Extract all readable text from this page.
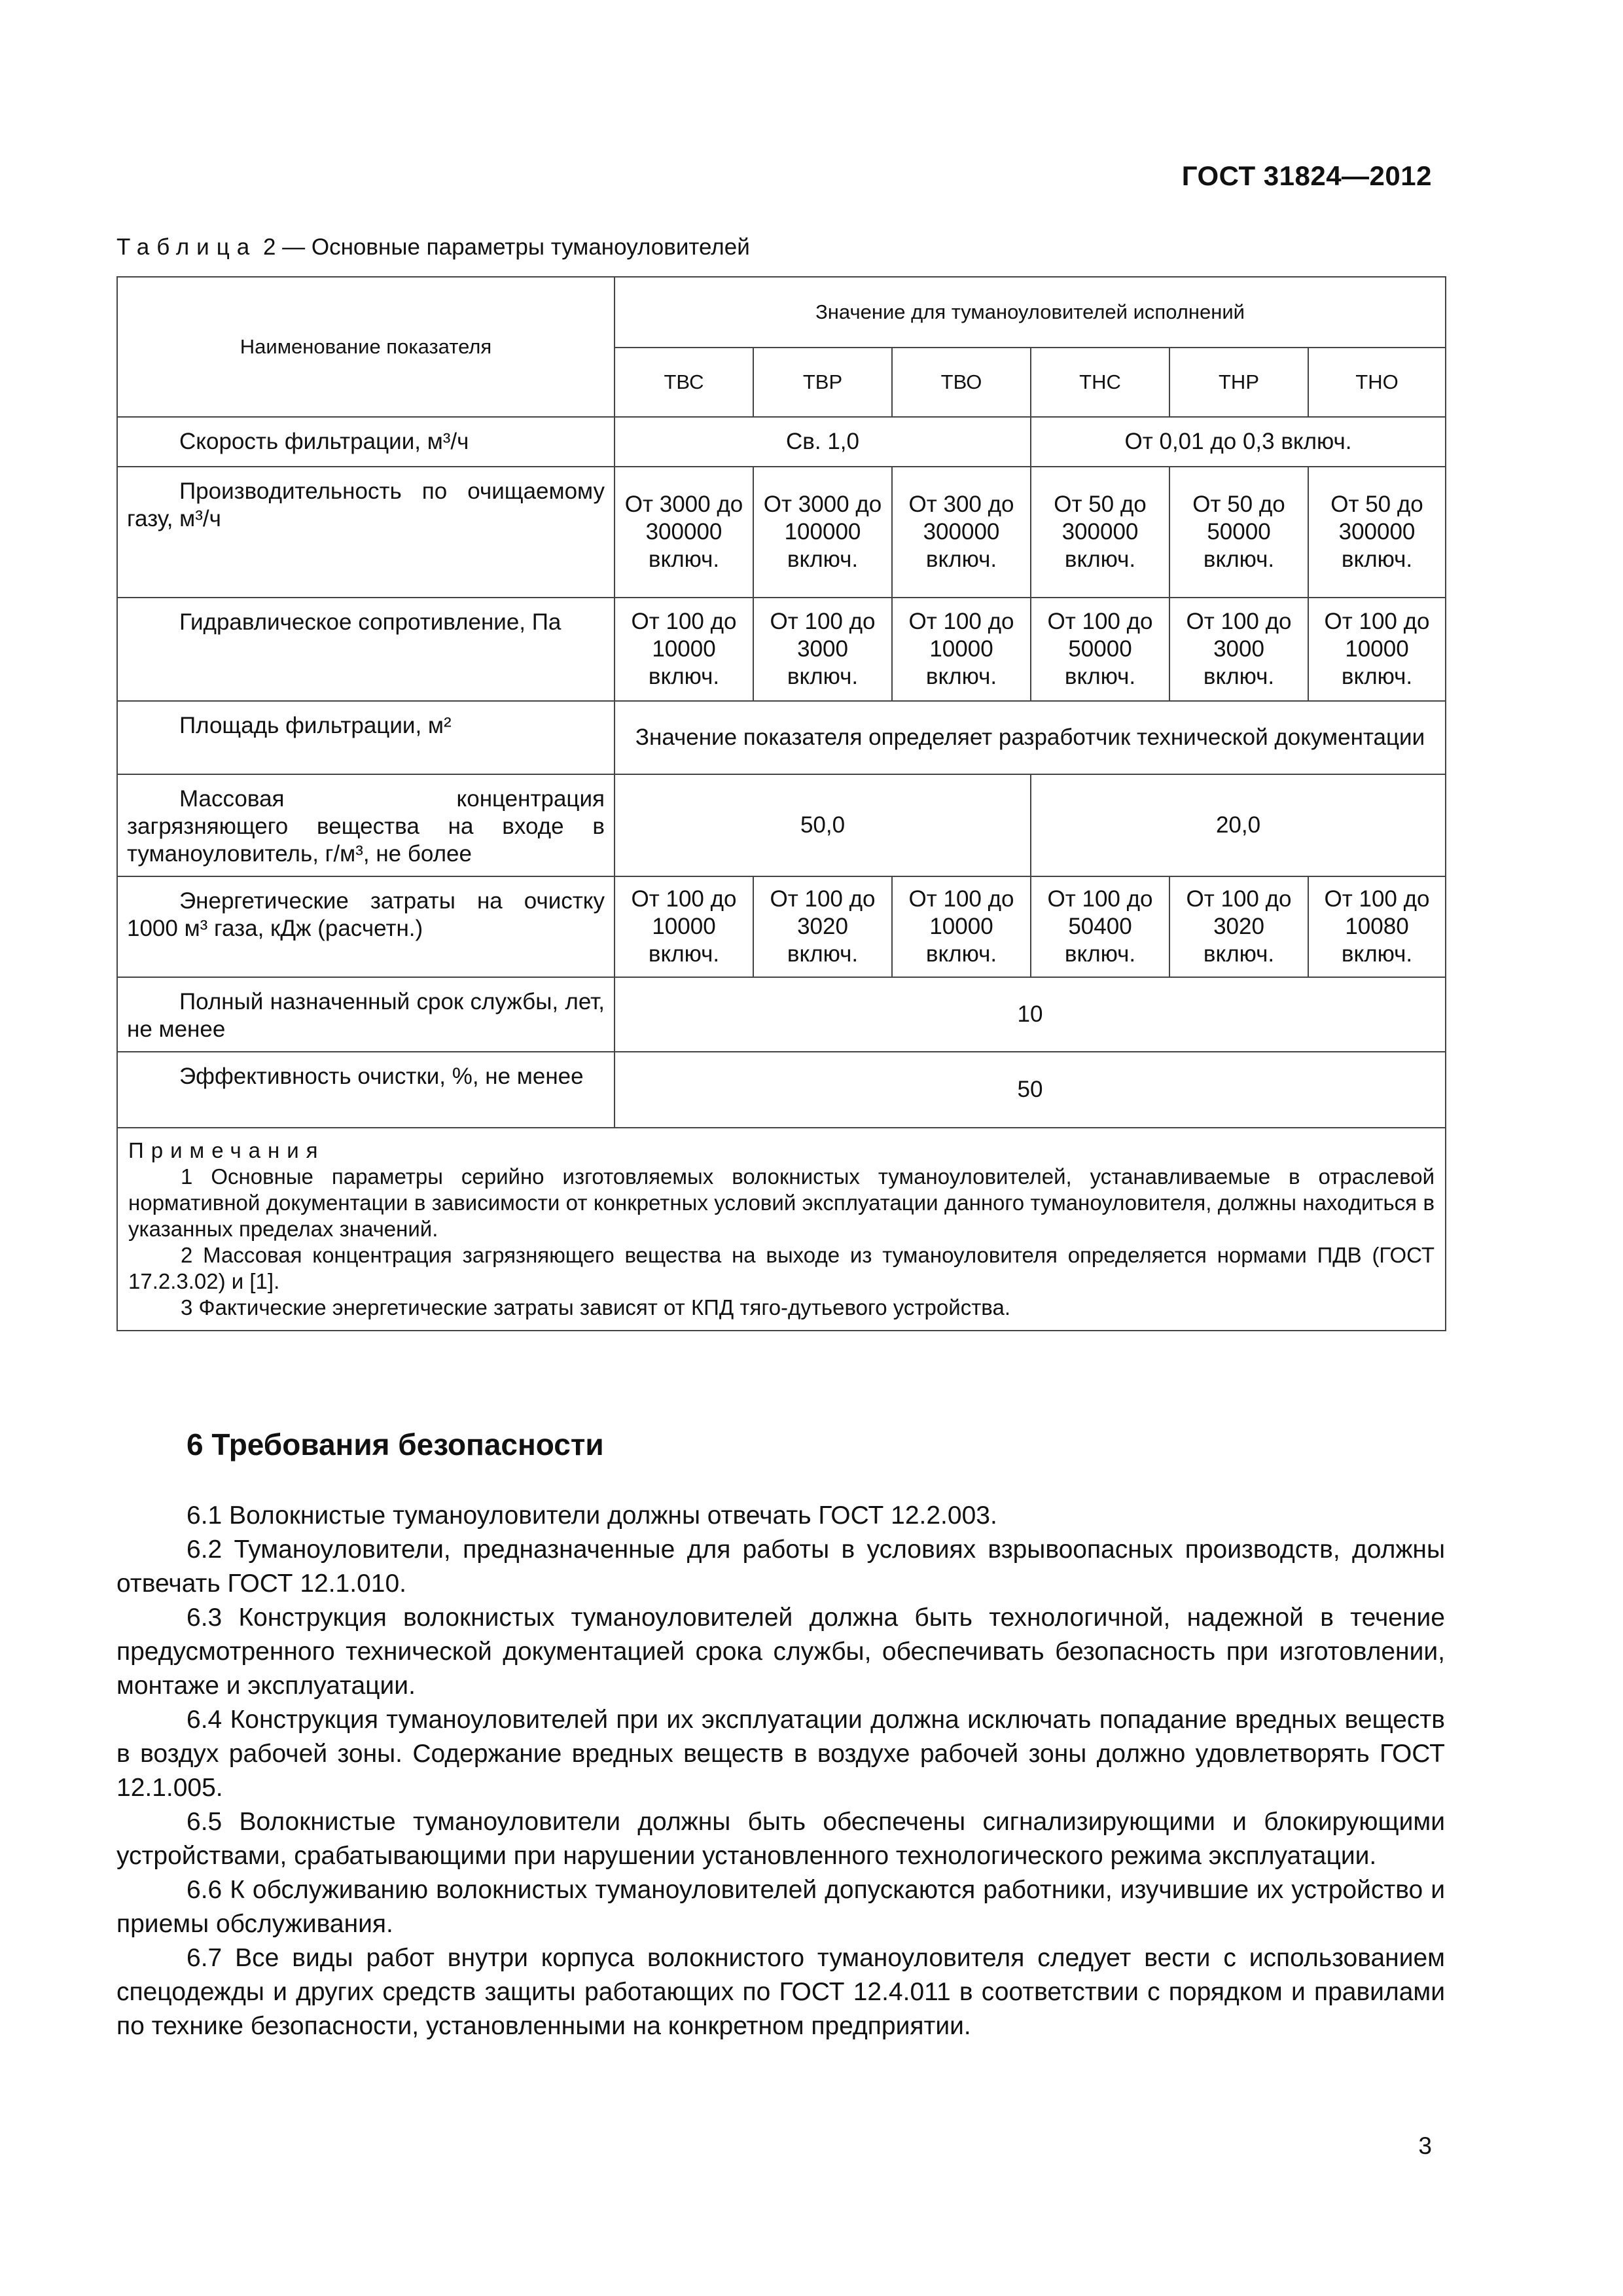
ГОСТ 31824—2012
Таблица 2 — Основные параметры туманоуловителей
Наименование показателя	Значение для туманоуловителей исполнений					
	ТВС	ТВР	ТВО	ТНС	ТНР	ТНО
Скорость фильтрации, м³/ч	Св. 1,0			От 0,01 до 0,3 включ.		
Производительность по очищаемому газу, м³/ч	От 3000 до 300000 включ.	От 3000 до 100000 включ.	От 300 до 300000 включ.	От 50 до 300000 включ.	От 50 до 50000 включ.	От 50 до 300000 включ.
Гидравлическое сопротивление, Па	От 100 до 10000 включ.	От 100 до 3000 включ.	От 100 до 10000 включ.	От 100 до 50000 включ.	От 100 до 3000 включ.	От 100 до 10000 включ.
Площадь фильтрации, м²	Значение показателя определяет разработчик технической документации					
Массовая концентрация загрязняющего вещества на входе в туманоуловитель, г/м³, не более	50,0			20,0		
Энергетические затраты на очистку 1000 м³ газа, кДж (расчетн.)	От 100 до 10000 включ.	От 100 до 3020 включ.	От 100 до 10000 включ.	От 100 до 50400 включ.	От 100 до 3020 включ.	От 100 до 10080 включ.
Полный назначенный срок службы, лет, не менее	10					
Эффективность очистки, %, не менее	50					

Примечания
1 Основные параметры серийно изготовляемых волокнистых туманоуловителей, устанавливаемые в отраслевой нормативной документации в зависимости от конкретных условий эксплуатации данного туманоуловителя, должны находиться в указанных пределах значений.
2 Массовая концентрация загрязняющего вещества на выходе из туманоуловителя определяется нормами ПДВ (ГОСТ 17.2.3.02) и [1].
3 Фактические энергетические затраты зависят от КПД тяго-дутьевого устройства.						
6 Требования безопасности

6.1 Волокнистые туманоуловители должны отвечать ГОСТ 12.2.003.

6.2 Туманоуловители, предназначенные для работы в условиях взрывоопасных производств, должны отвечать ГОСТ 12.1.010.

6.3 Конструкция волокнистых туманоуловителей должна быть технологичной, надежной в течение предусмотренного технической документацией срока службы, обеспечивать безопасность при изготовлении, монтаже и эксплуатации.

6.4 Конструкция туманоуловителей при их эксплуатации должна исключать попадание вредных веществ в воздух рабочей зоны. Содержание вредных веществ в воздухе рабочей зоны должно удовлетворять ГОСТ 12.1.005.

6.5 Волокнистые туманоуловители должны быть обеспечены сигнализирующими и блокирующими устройствами, срабатывающими при нарушении установленного технологического режима эксплуатации.

6.6 К обслуживанию волокнистых туманоуловителей допускаются работники, изучившие их устройство и приемы обслуживания.

6.7 Все виды работ внутри корпуса волокнистого туманоуловителя следует вести с использованием спецодежды и других средств защиты работающих по ГОСТ 12.4.011 в соответствии с порядком и правилами по технике безопасности, установленными на конкретном предприятии.

3
